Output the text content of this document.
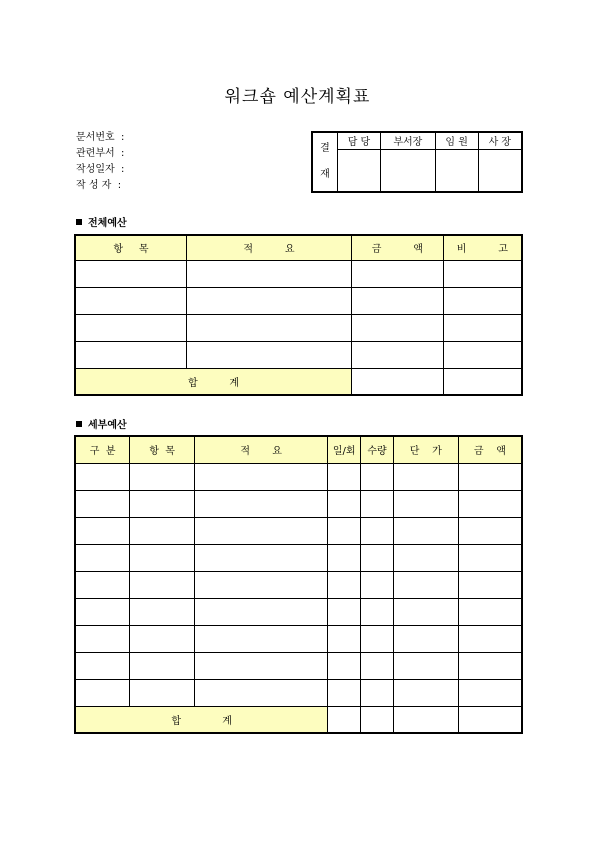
워크숍 예산계획표
문서번호  :
관련부서  :
작성일자  :
작 성 자  :
결
재	담 당	부서장	임 원	사 장

전체예산
항     목	적          요	금          액	비          고

합          계			
세부예산
구  분	항  목	적       요	일/회	수량	단    가	금    액

합             계						
